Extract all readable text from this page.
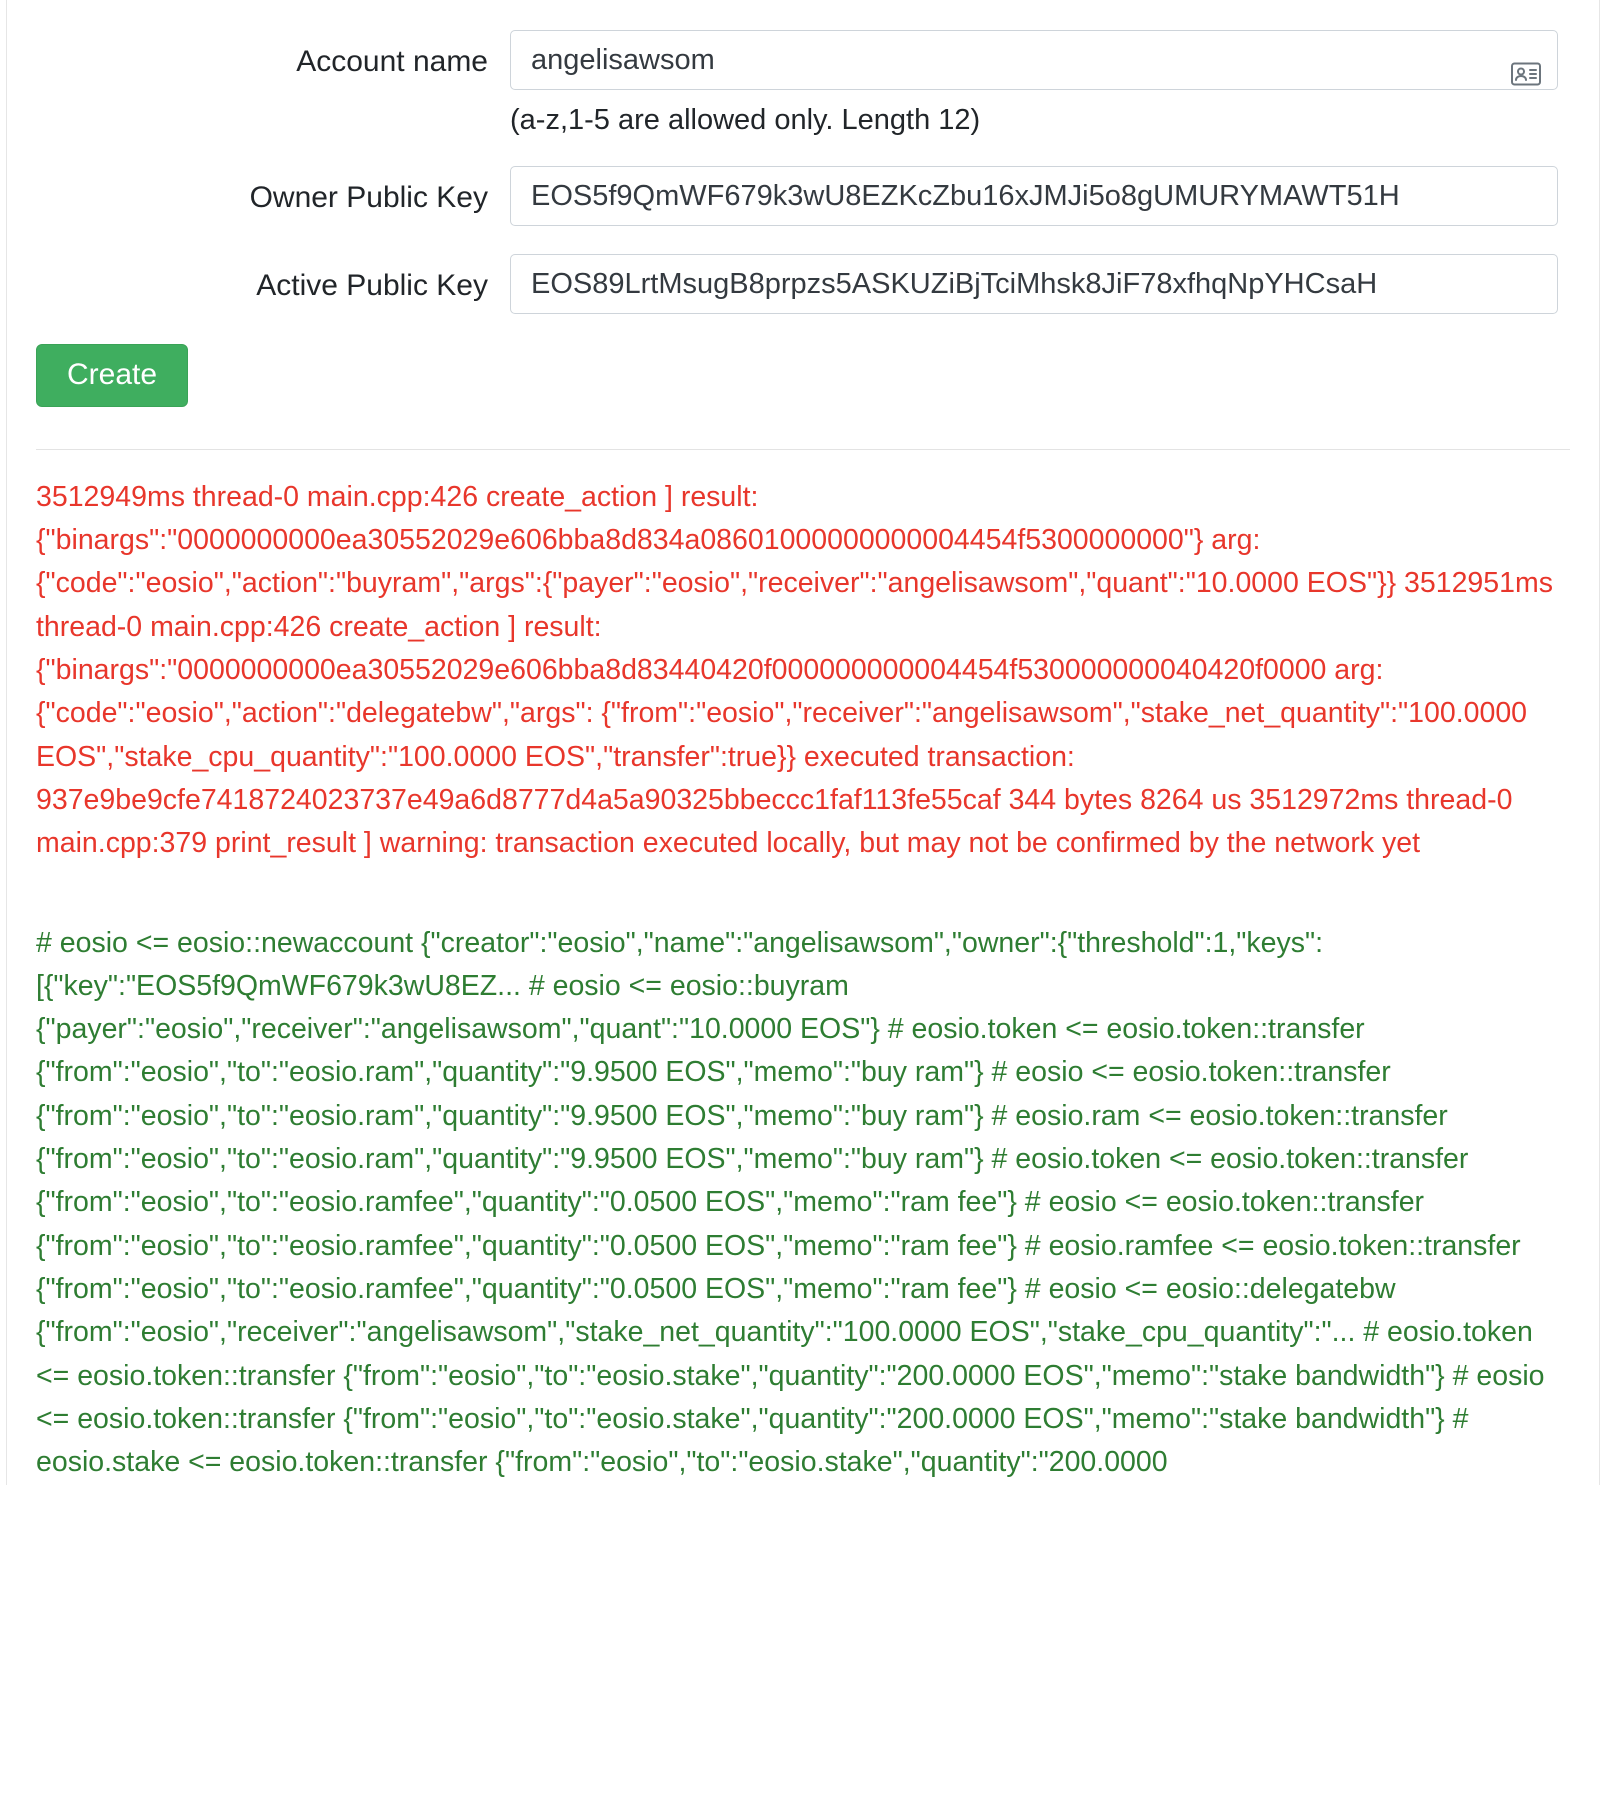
Account name	angelisawsom
(a-z,1-5 are allowed only. Length 12)
Owner Public Key	EOS5f9QmWF679k3wU8EZKcZbu16xJMJi5o8gUMURYMAWT51H
Active Public Key	EOS89LrtMsugB8prpzs5ASKUZiBjTciMhsk8JiF78xfhqNpYHCsaH
Create
3512949ms thread-0 main.cpp:426 create_action ] result: {"binargs":"0000000000ea30552029e606bba8d834a08601000000000004454f5300000000"} arg: {"code":"eosio","action":"buyram","args":{"payer":"eosio","receiver":"angelisawsom","quant":"10.0000 EOS"}} 3512951ms thread-0 main.cpp:426 create_action ] result: {"binargs":"0000000000ea30552029e606bba8d83440420f000000000004454f530000000040420f0000 arg: {"code":"eosio","action":"delegatebw","args": {"from":"eosio","receiver":"angelisawsom","stake_net_quantity":"100.0000 EOS","stake_cpu_quantity":"100.0000 EOS","transfer":true}} executed transaction: 937e9be9cfe7418724023737e49a6d8777d4a5a90325bbeccc1faf113fe55caf 344 bytes 8264 us 3512972ms thread-0 main.cpp:379 print_result ] warning: transaction executed locally, but may not be confirmed by the network yet
# eosio <= eosio::newaccount {"creator":"eosio","name":"angelisawsom","owner":{"threshold":1,"keys": [{"key":"EOS5f9QmWF679k3wU8EZ... # eosio <= eosio::buyram {"payer":"eosio","receiver":"angelisawsom","quant":"10.0000 EOS"} # eosio.token <= eosio.token::transfer {"from":"eosio","to":"eosio.ram","quantity":"9.9500 EOS","memo":"buy ram"} # eosio <= eosio.token::transfer {"from":"eosio","to":"eosio.ram","quantity":"9.9500 EOS","memo":"buy ram"} # eosio.ram <= eosio.token::transfer {"from":"eosio","to":"eosio.ram","quantity":"9.9500 EOS","memo":"buy ram"} # eosio.token <= eosio.token::transfer {"from":"eosio","to":"eosio.ramfee","quantity":"0.0500 EOS","memo":"ram fee"} # eosio <= eosio.token::transfer {"from":"eosio","to":"eosio.ramfee","quantity":"0.0500 EOS","memo":"ram fee"} # eosio.ramfee <= eosio.token::transfer {"from":"eosio","to":"eosio.ramfee","quantity":"0.0500 EOS","memo":"ram fee"} # eosio <= eosio::delegatebw {"from":"eosio","receiver":"angelisawsom","stake_net_quantity":"100.0000 EOS","stake_cpu_quantity":"... # eosio.token <= eosio.token::transfer {"from":"eosio","to":"eosio.stake","quantity":"200.0000 EOS","memo":"stake bandwidth"} # eosio <= eosio.token::transfer {"from":"eosio","to":"eosio.stake","quantity":"200.0000 EOS","memo":"stake bandwidth"} # eosio.stake <= eosio.token::transfer {"from":"eosio","to":"eosio.stake","quantity":"200.0000
